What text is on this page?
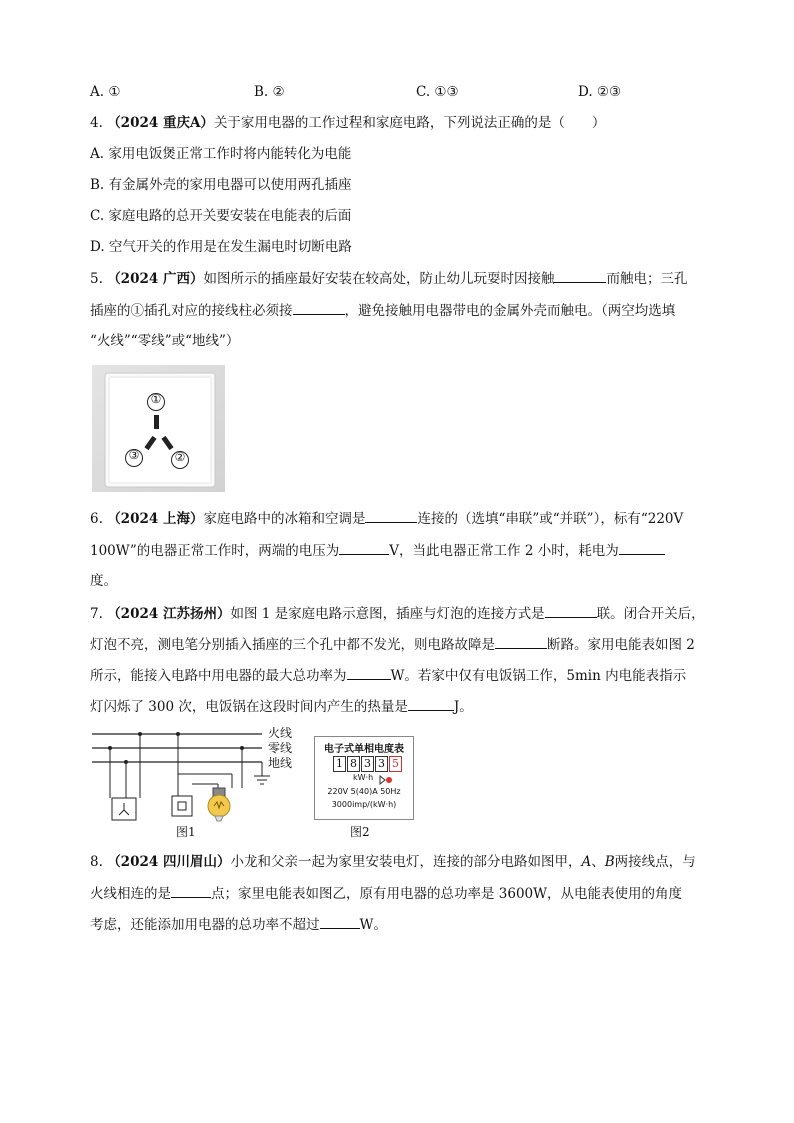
A. ①	B. ②	C. ①③	D. ②③
4. （2024 重庆A）关于家用电器的工作过程和家庭电路，下列说法正确的是（　　）
A. 家用电饭煲正常工作时将内能转化为电能
B. 有金属外壳的家用电器可以使用两孔插座
C. 家庭电路的总开关要安装在电能表的后面
D. 空气开关的作用是在发生漏电时切断电路
5. （2024 广西）如图所示的插座最好安装在较高处，防止幼儿玩耍时因接触	而触电；三孔
插座的①插孔对应的接线柱必须接	，避免接触用电器带电的金属外壳而触电。（两空均选填
“火线”“零线”或“地线”）
①
②
③
6. （2024 上海）家庭电路中的冰箱和空调是	连接的（选填“串联”或“并联”），标有“220V
100W”的电器正常工作时，两端的电压为	V，当此电器正常工作 2 小时，耗电为
度。
7. （2024 江苏扬州）如图 1 是家庭电路示意图，插座与灯泡的连接方式是	联。闭合开关后，
灯泡不亮，测电笔分别插入插座的三个孔中都不发光，则电路故障是	断路。家用电能表如图 2
所示，能接入电路中用电器的最大总功率为	W。若家中仅有电饭锅工作，5min 内电能表指示
灯闪烁了 300 次，电饭锅在这段时间内产生的热量是	J。
火线
零线
地线
图1
电子式单相电度表
1 8 3 3 5
kW·h
220V 5(40)A 50Hz
3000imp/(kW·h)
图2
8. （2024 四川眉山）小龙和父亲一起为家里安装电灯，连接的部分电路如图甲，A、B两接线点，与
火线相连的是	点；家里电能表如图乙，原有用电器的总功率是 3600W，从电能表使用的角度
考虑，还能添加用电器的总功率不超过	W。
